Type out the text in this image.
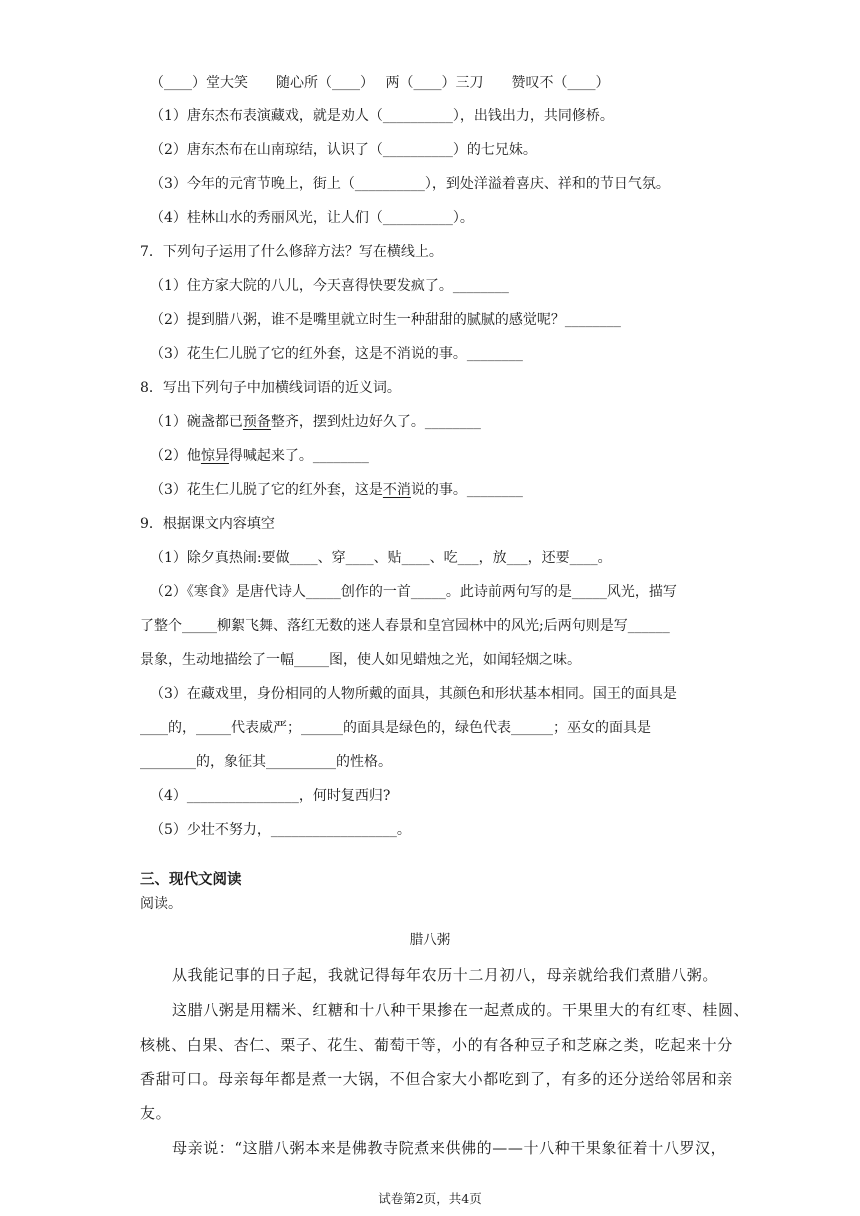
（____）堂大笑　　随心所（____）　 两（____）三刀　　赞叹不（____）
（1）唐东杰布表演藏戏，就是劝人（__________），出钱出力，共同修桥。
（2）唐东杰布在山南琼结，认识了（__________）的七兄妹。
（3）今年的元宵节晚上，街上（__________），到处洋溢着喜庆、祥和的节日气氛。
（4）桂林山水的秀丽风光，让人们（__________）。
7．下列句子运用了什么修辞方法？写在横线上。
（1）住方家大院的八儿，今天喜得快要发疯了。________
（2）提到腊八粥，谁不是嘴里就立时生一种甜甜的腻腻的感觉呢？________
（3）花生仁儿脱了它的红外套，这是不消说的事。________
8．写出下列句子中加横线词语的近义词。
（1）碗盏都已预备整齐，摆到灶边好久了。________
（2）他惊异得喊起来了。________
（3）花生仁儿脱了它的红外套，这是不消说的事。________
9．根据课文内容填空
（1）除夕真热闹:要做____、穿____、贴____、吃___，放___，还要____。
（2）《寒食》是唐代诗人_____创作的一首_____。此诗前两句写的是_____风光，描写
了整个_____柳絮飞舞、落红无数的迷人春景和皇宫园林中的风光;后两句则是写______
景象，生动地描绘了一幅_____图，使人如见蜡烛之光，如闻轻烟之味。
（3）在藏戏里，身份相同的人物所戴的面具，其颜色和形状基本相同。国王的面具是
____的，_____代表威严；______的面具是绿色的，绿色代表______；巫女的面具是
________的，象征其__________的性格。
（4）________________，何时复西归?
（5）少壮不努力，__________________。
三、现代文阅读
阅读。
腊八粥
从我能记事的日子起，我就记得每年农历十二月初八，母亲就给我们煮腊八粥。
这腊八粥是用糯米、红糖和十八种干果掺在一起煮成的。干果里大的有红枣、桂圆、
核桃、白果、杏仁、栗子、花生、葡萄干等，小的有各种豆子和芝麻之类，吃起来十分
香甜可口。母亲每年都是煮一大锅，不但合家大小都吃到了，有多的还分送给邻居和亲
友。
母亲说：“这腊八粥本来是佛教寺院煮来供佛的——十八种干果象征着十八罗汉，
试卷第2页，共4页
